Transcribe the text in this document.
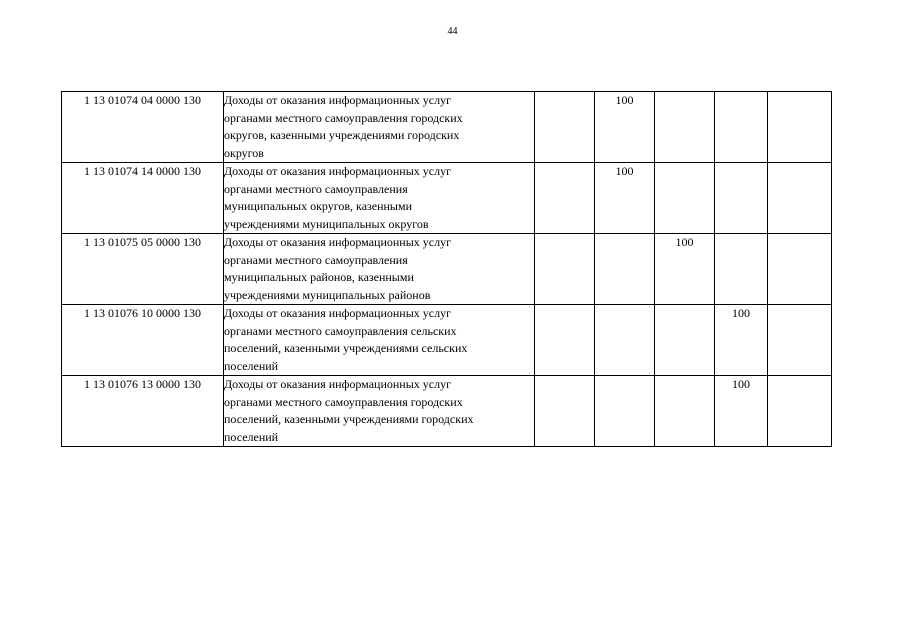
44
1 13 01074 04 0000 130	Доходы от оказания информационных услуг
органами местного самоуправления городских
округов, казенными учреждениями городских
округов		100			
1 13 01074 14 0000 130	Доходы от оказания информационных услуг
органами местного самоуправления
муниципальных округов, казенными
учреждениями муниципальных округов		100			
1 13 01075 05 0000 130	Доходы от оказания информационных услуг
органами местного самоуправления
муниципальных районов, казенными
учреждениями муниципальных районов			100		
1 13 01076 10 0000 130	Доходы от оказания информационных услуг
органами местного самоуправления сельских
поселений, казенными учреждениями сельских
поселений				100	
1 13 01076 13 0000 130	Доходы от оказания информационных услуг
органами местного самоуправления городских
поселений, казенными учреждениями городских
поселений				100	
